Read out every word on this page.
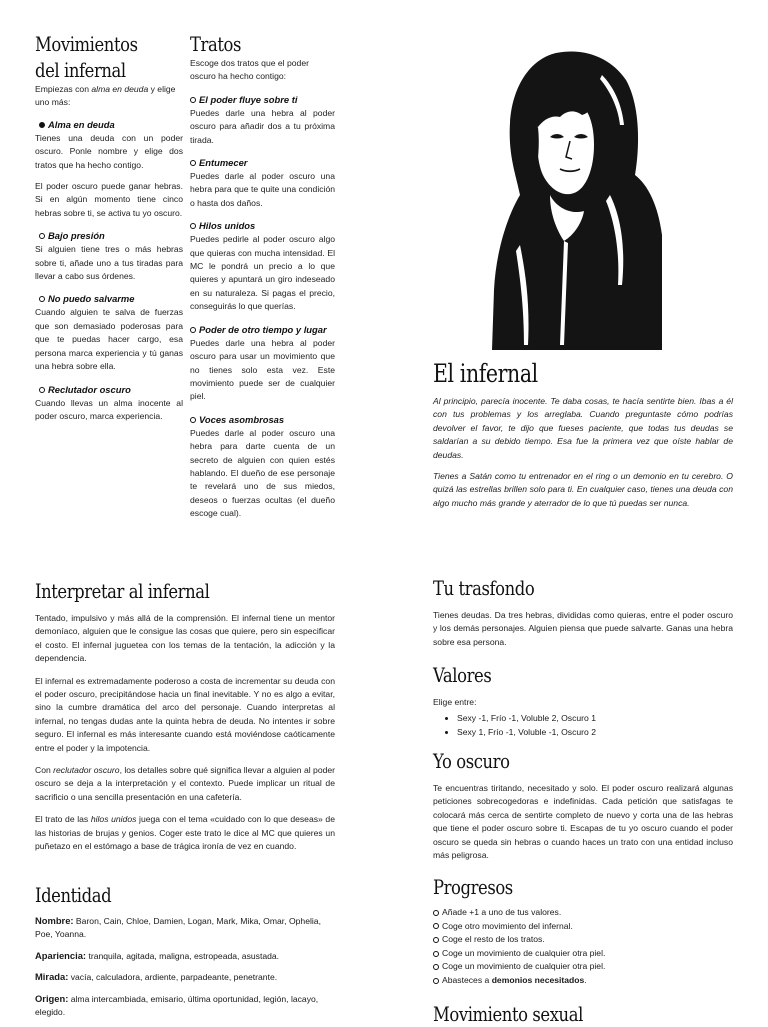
Movimientos
del infernal

Empiezas con alma en deuda y elige uno más:

Alma en deuda

Tienes una deuda con un poder oscuro. Ponle nombre y elige dos tratos que ha hecho contigo.

El poder oscuro puede ganar hebras. Si en algún momento tiene cinco hebras sobre ti, se activa tu yo oscuro.

Bajo presión

Si alguien tiene tres o más hebras sobre ti, añade uno a tus tiradas para llevar a cabo sus órdenes.

No puedo salvarme

Cuando alguien te salva de fuerzas que son demasiado poderosas para que te puedas hacer cargo, esa persona marca experiencia y tú ganas una hebra sobre ella.

Reclutador oscuro

Cuando llevas un alma inocente al poder oscuro, marca experiencia.

Tratos

Escoge dos tratos que el poder oscuro ha hecho contigo:

El poder fluye sobre ti

Puedes darle una hebra al poder oscuro para añadir dos a tu próxima tirada.

Entumecer

Puedes darle al poder oscuro una hebra para que te quite una condición o hasta dos daños.

Hilos unidos

Puedes pedirle al poder oscuro algo que quieras con mucha intensidad. El MC le pondrá un precio a lo que quieres y apuntará un giro indeseado en su naturaleza. Si pagas el precio, conseguirás lo que querías.

Poder de otro tiempo y lugar

Puedes darle una hebra al poder oscuro para usar un movimiento que no tienes solo esta vez. Este movimiento puede ser de cualquier piel.

Voces asombrosas

Puedes darle al poder oscuro una hebra para darte cuenta de un secreto de alguien con quien estés hablando. El dueño de ese personaje te revelará uno de sus miedos, deseos o fuerzas ocultas (el dueño escoge cual).

El infernal

Al principio, parecía inocente. Te daba cosas, te hacía sentirte bien. Ibas a él con tus problemas y los arreglaba. Cuando preguntaste cómo podrías devolver el favor, te dijo que fueses paciente, que todas tus deudas se saldarían a su debido tiempo. Esa fue la primera vez que oíste hablar de deudas.

Tienes a Satán como tu entrenador en el ring o un demonio en tu cerebro. O quizá las estrellas brillen solo para ti. En cualquier caso, tienes una deuda con algo mucho más grande y aterrador de lo que tú puedas ser nunca.

Interpretar al infernal

Tentado, impulsivo y más allá de la comprensión. El infernal tiene un mentor demoníaco, alguien que le consigue las cosas que quiere, pero sin especificar el costo. El infernal juguetea con los temas de la tentación, la adicción y la dependencia.

El infernal es extremadamente poderoso a costa de incrementar su deuda con el poder oscuro, precipitándose hacia un final inevitable. Y no es algo a evitar, sino la cumbre dramática del arco del personaje. Cuando interpretas al infernal, no tengas dudas ante la quinta hebra de deuda. No intentes ir sobre seguro. El infernal es más interesante cuando está moviéndose caóticamente entre el poder y la impotencia.

Con reclutador oscuro, los detalles sobre qué significa llevar a alguien al poder oscuro se deja a la interpretación y el contexto. Puede implicar un ritual de sacrificio o una sencilla presentación en una cafetería.

El trato de las hilos unidos juega con el tema «cuidado con lo que deseas» de las historias de brujas y genios. Coger este trato le dice al MC que quieres un puñetazo en el estómago a base de trágica ironía de vez en cuando.

Identidad

Nombre: Baron, Cain, Chloe, Damien, Logan, Mark, Mika, Omar, Ophelia, Poe, Yoanna.

Apariencia: tranquila, agitada, maligna, estropeada, asustada.

Mirada: vacía, calculadora, ardiente, parpadeante, penetrante.

Origen: alma intercambiada, emisario, última oportunidad, legión, lacayo, elegido.

Tu trasfondo

Tienes deudas. Da tres hebras, divididas como quieras, entre el poder oscuro y los demás personajes. Alguien piensa que puede salvarte. Ganas una hebra sobre esa persona.

Valores

Elige entre:

• Sexy -1, Frío -1, Voluble 2, Oscuro 1
• Sexy 1, Frío -1, Voluble -1, Oscuro 2
Yo oscuro

Te encuentras tiritando, necesitado y solo. El poder oscuro realizará algunas peticiones sobrecogedoras e indefinidas. Cada petición que satisfagas te colocará más cerca de sentirte completo de nuevo y corta una de las hebras que tiene el poder oscuro sobre ti. Escapas de tu yo oscuro cuando el poder oscuro se queda sin hebras o cuando haces un trato con una entidad incluso más peligrosa.

Progresos
Añade +1 a uno de tus valores.
Coge otro movimiento del infernal.
Coge el resto de los tratos.
Coge un movimiento de cualquier otra piel.
Coge un movimiento de cualquier otra piel.
Abasteces a demonios necesitados.
Movimiento sexual
